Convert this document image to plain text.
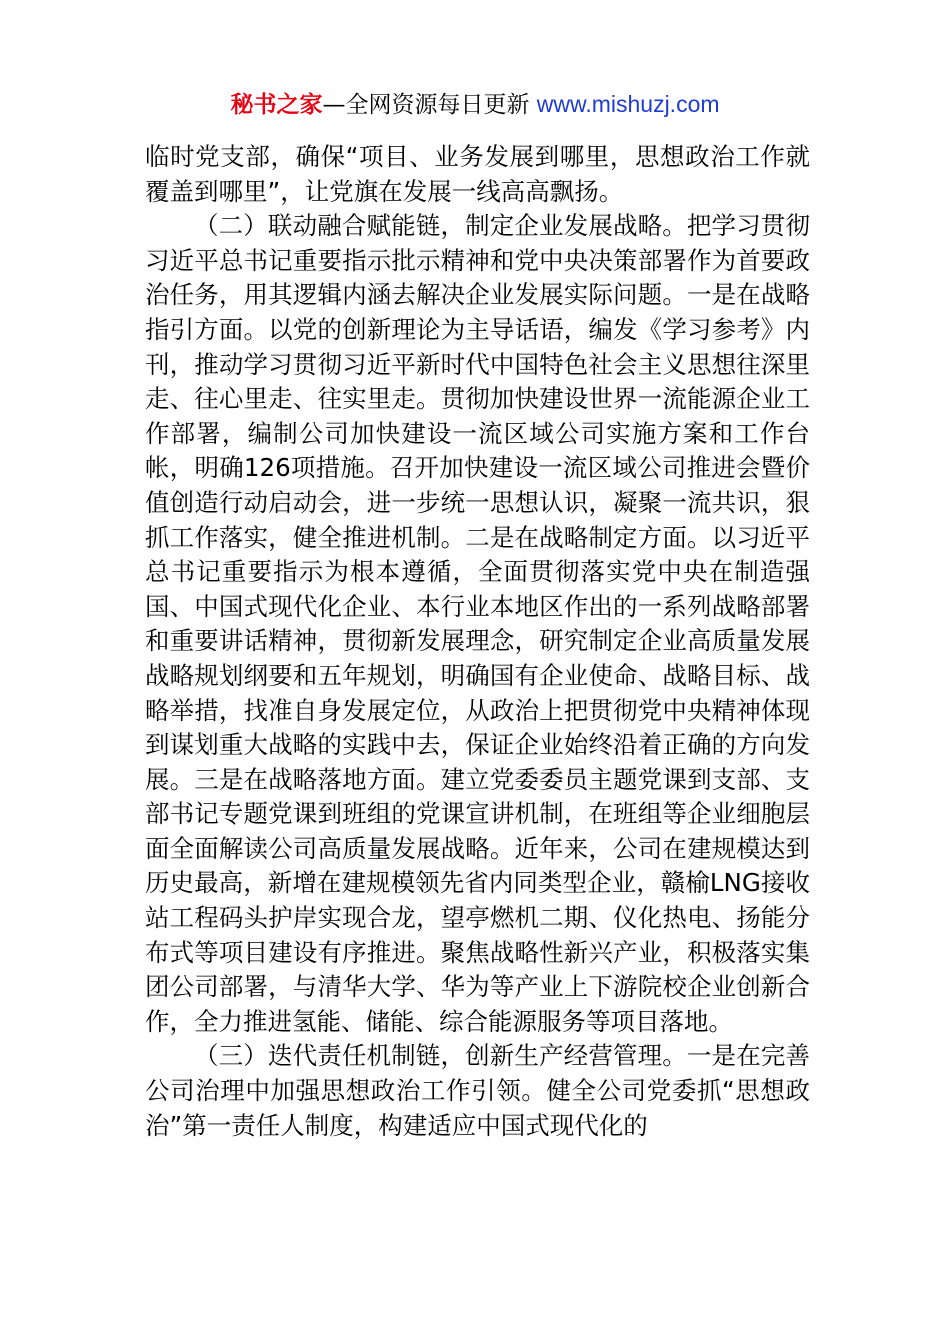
秘书之家—全网资源每日更新 www.mishuzj.com

临时党支部，确保“项目、业务发展到哪里，思想政治工作就覆盖到哪里”，让党旗在发展一线高高飘扬。

（二）联动融合赋能链，制定企业发展战略。把学习贯彻习近平总书记重要指示批示精神和党中央决策部署作为首要政治任务，用其逻辑内涵去解决企业发展实际问题。一是在战略指引方面。以党的创新理论为主导话语，编发《学习参考》内刊，推动学习贯彻习近平新时代中国特色社会主义思想往深里走、往心里走、往实里走。贯彻加快建设世界一流能源企业工作部署，编制公司加快建设一流区域公司实施方案和工作台帐，明确126项措施。召开加快建设一流区域公司推进会暨价值创造行动启动会，进一步统一思想认识，凝聚一流共识，狠抓工作落实，健全推进机制。二是在战略制定方面。以习近平总书记重要指示为根本遵循，全面贯彻落实党中央在制造强国、中国式现代化企业、本行业本地区作出的一系列战略部署和重要讲话精神，贯彻新发展理念，研究制定企业高质量发展战略规划纲要和五年规划，明确国有企业使命、战略目标、战略举措，找准自身发展定位，从政治上把贯彻党中央精神体现到谋划重大战略的实践中去，保证企业始终沿着正确的方向发展。三是在战略落地方面。建立党委委员主题党课到支部、支部书记专题党课到班组的党课宣讲机制，在班组等企业细胞层面全面解读公司高质量发展战略。近年来，公司在建规模达到历史最高，新增在建规模领先省内同类型企业，赣榆LNG接收站工程码头护岸实现合龙，望亭燃机二期、仪化热电、扬能分布式等项目建设有序推进。聚焦战略性新兴产业，积极落实集团公司部署，与清华大学、华为等产业上下游院校企业创新合作，全力推进氢能、储能、综合能源服务等项目落地。

（三）迭代责任机制链，创新生产经营管理。一是在完善公司治理中加强思想政治工作引领。健全公司党委抓“思想政治”第一责任人制度，构建适应中国式现代化的
